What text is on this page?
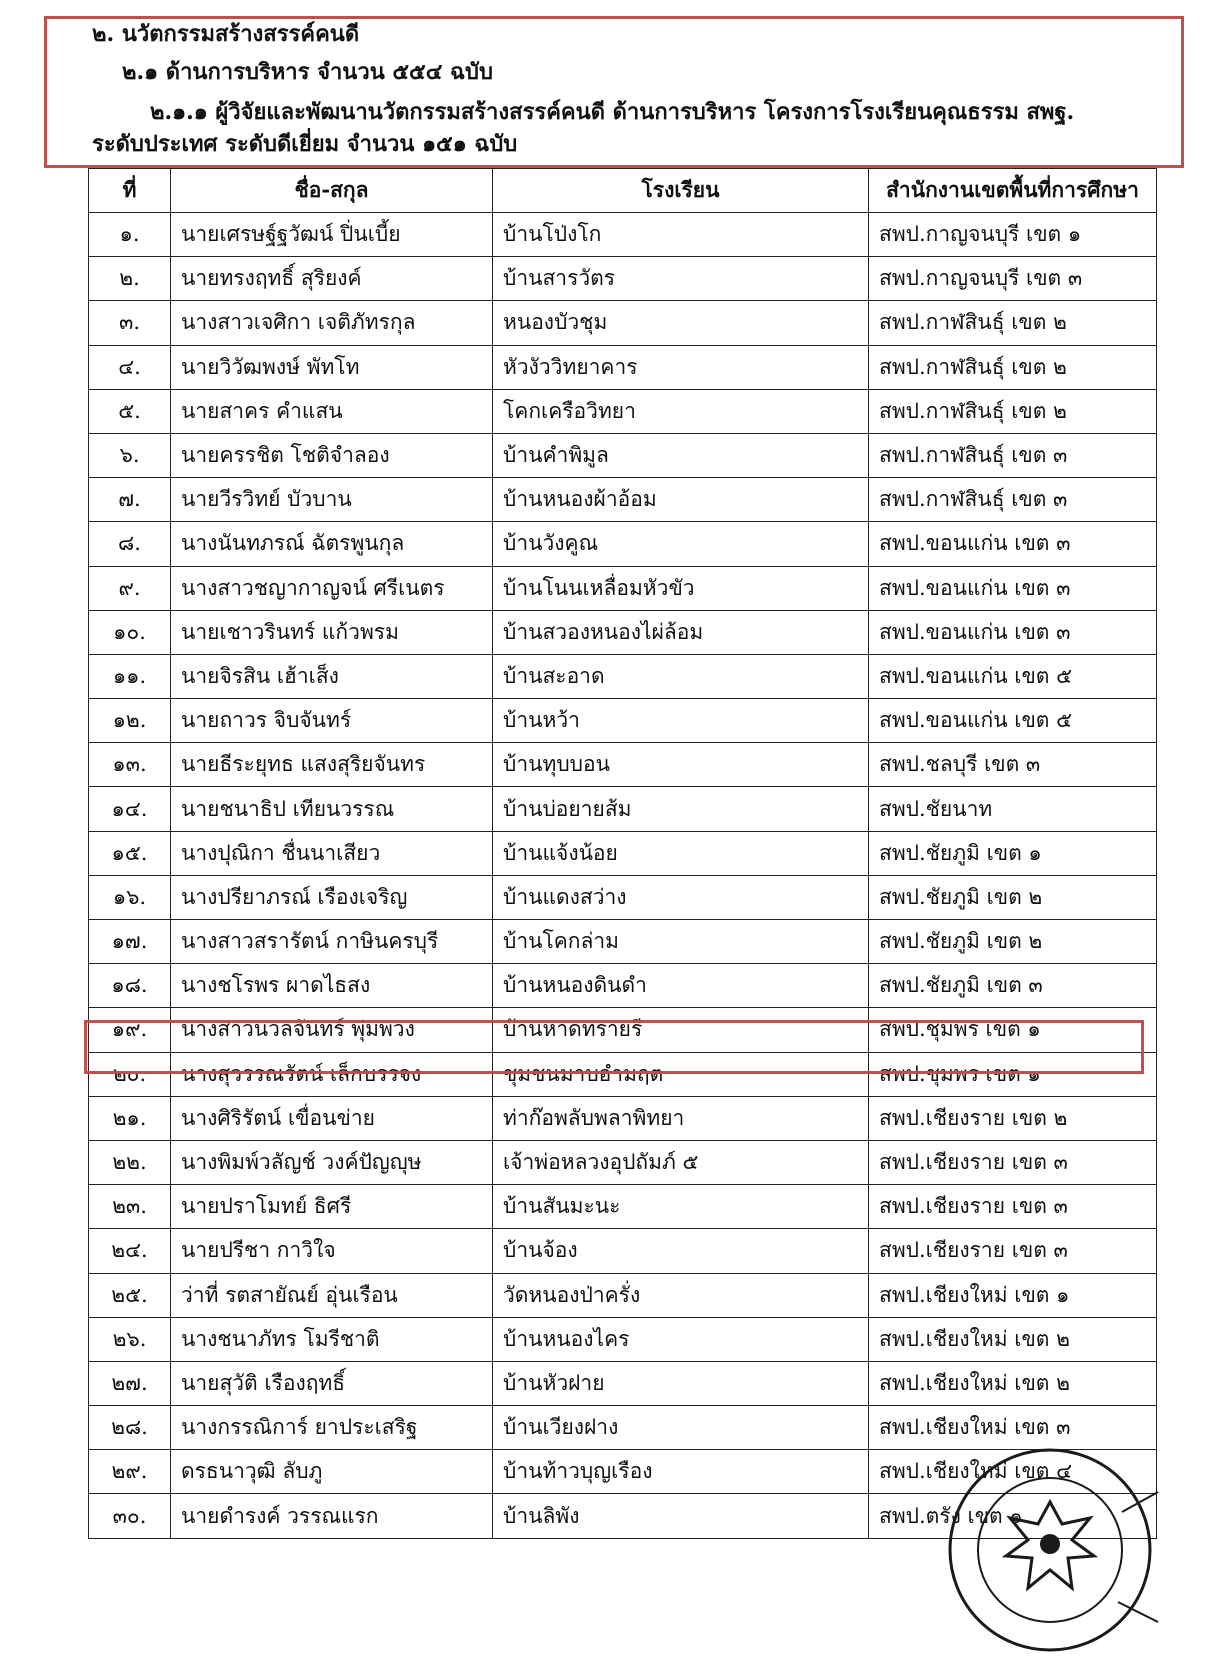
๒. นวัตกรรมสร้างสรรค์คนดี
๒.๑ ด้านการบริหาร จำนวน ๕๕๔ ฉบับ
๒.๑.๑ ผู้วิจัยและพัฒนานวัตกรรมสร้างสรรค์คนดี ด้านการบริหาร โครงการโรงเรียนคุณธรรม สพฐ.
ระดับประเทศ ระดับดีเยี่ยม จำนวน ๑๕๑ ฉบับ
ที่	ชื่อ-สกุล	โรงเรียน	สำนักงานเขตพื้นที่การศึกษา
๑.	นายเศรษฐ์ฐวัฒน์ ปิ่นเบี้ย	บ้านโป่งโก	สพป.กาญจนบุรี เขต ๑
๒.	นายทรงฤทธิ์ สุริยงค์	บ้านสารวัตร	สพป.กาญจนบุรี เขต ๓
๓.	นางสาวเจศิกา เจติภัทรกุล	หนองบัวชุม	สพป.กาฬสินธุ์ เขต ๒
๔.	นายวิวัฒพงษ์ พัทโท	หัวงัววิทยาคาร	สพป.กาฬสินธุ์ เขต ๒
๕.	นายสาคร คำแสน	โคกเครือวิทยา	สพป.กาฬสินธุ์ เขต ๒
๖.	นายครรชิต โชติจำลอง	บ้านคำพิมูล	สพป.กาฬสินธุ์ เขต ๓
๗.	นายวีรวิทย์ บัวบาน	บ้านหนองผ้าอ้อม	สพป.กาฬสินธุ์ เขต ๓
๘.	นางนันทภรณ์ ฉัตรพูนกุล	บ้านวังคูณ	สพป.ขอนแก่น เขต ๓
๙.	นางสาวชญากาญจน์ ศรีเนตร	บ้านโนนเหลื่อมหัวขัว	สพป.ขอนแก่น เขต ๓
๑๐.	นายเชาวรินทร์ แก้วพรม	บ้านสวองหนองไผ่ล้อม	สพป.ขอนแก่น เขต ๓
๑๑.	นายจิรสิน เฮ้าเส็ง	บ้านสะอาด	สพป.ขอนแก่น เขต ๕
๑๒.	นายถาวร จิบจันทร์	บ้านหว้า	สพป.ขอนแก่น เขต ๕
๑๓.	นายธีระยุทธ แสงสุริยจันทร	บ้านทุบบอน	สพป.ชลบุรี เขต ๓
๑๔.	นายชนาธิป เทียนวรรณ	บ้านบ่อยายส้ม	สพป.ชัยนาท
๑๕.	นางปุณิกา ชื่นนาเสียว	บ้านแจ้งน้อย	สพป.ชัยภูมิ เขต ๑
๑๖.	นางปรียาภรณ์ เรืองเจริญ	บ้านแดงสว่าง	สพป.ชัยภูมิ เขต ๒
๑๗.	นางสาวสรารัตน์ กาษินครบุรี	บ้านโคกล่าม	สพป.ชัยภูมิ เขต ๒
๑๘.	นางชโรพร ผาดไธสง	บ้านหนองดินดำ	สพป.ชัยภูมิ เขต ๓
๑๙.	นางสาวนวลจันทร์ พุ่มพวง	บ้านหาดทรายรี	สพป.ชุมพร เขต ๑
๒๐.	นางสุวรรณรัตน์ เล็กบรรจง	ชุมชนมาบอำมฤต	สพป.ชุมพร เขต ๑
๒๑.	นางศิริรัตน์ เขื่อนข่าย	ท่าก๊อพลับพลาพิทยา	สพป.เชียงราย เขต ๒
๒๒.	นางพิมพ์วลัญช์ วงค์ปัญญุษ	เจ้าพ่อหลวงอุปถัมภ์ ๕	สพป.เชียงราย เขต ๓
๒๓.	นายปราโมทย์ ธิศรี	บ้านสันมะนะ	สพป.เชียงราย เขต ๓
๒๔.	นายปรีชา กาวิใจ	บ้านจ้อง	สพป.เชียงราย เขต ๓
๒๕.	ว่าที่ รตสายัณย์ อุ่นเรือน	วัดหนองป่าครั่ง	สพป.เชียงใหม่ เขต ๑
๒๖.	นางชนาภัทร โมรีชาติ	บ้านหนองไคร	สพป.เชียงใหม่ เขต ๒
๒๗.	นายสุวัติ เรืองฤทธิ์	บ้านหัวฝาย	สพป.เชียงใหม่ เขต ๒
๒๘.	นางกรรณิการ์ ยาประเสริฐ	บ้านเวียงฝาง	สพป.เชียงใหม่ เขต ๓
๒๙.	ดรธนาวุฒิ ลับภู	บ้านท้าวบุญเรือง	สพป.เชียงใหม่ เขต ๔
๓๐.	นายดำรงค์ วรรณแรก	บ้านลิพัง	สพป.ตรัง เขต ๑
